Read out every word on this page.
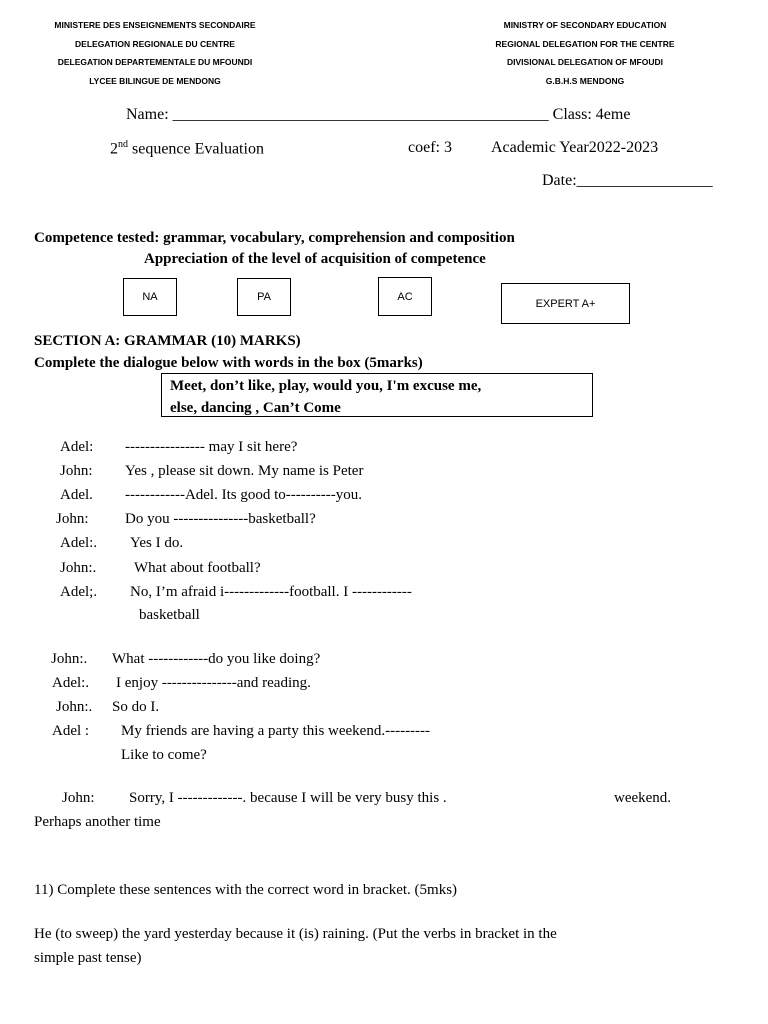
MINISTERE DES ENSEIGNEMENTS SECONDAIRE
DELEGATION REGIONALE DU CENTRE
DELEGATION DEPARTEMENTALE DU MFOUNDI
LYCEE BILINGUE DE MENDONG
MINISTRY OF SECONDARY EDUCATION
REGIONAL DELEGATION FOR THE CENTRE
DIVISIONAL DELEGATION OF MFOUDI
G.B.H.S MENDONG
Name: _______________________________________________ Class: 4eme
2nd sequence Evaluation	coef: 3 Academic Year2022-2023
Date:_________________
Competence tested: grammar, vocabulary, comprehension and composition
Appreciation of the level of acquisition of competence
NA	PA	AC
EXPERT A+
SECTION A: GRAMMAR (10) MARKS)
Complete the dialogue below with words in the box (5marks)
Meet, don’t like, play, would you, I'm excuse me,
else, dancing , Can’t Come
Adel: ---------------- may I sit here?
John: Yes , please sit down. My name is Peter
Adel. ------------Adel. Its good to----------you.
John: Do you ---------------basketball?
Adel:. Yes I do.
John:.	What about football?
Adel;. No, I’m afraid i-------------football. I ------------
basketball
John:. What ------------do you like doing?
Adel:. I enjoy ---------------and reading.
John:. So do I.
Adel : My friends are having a party this weekend.---------
Like to come?
John: Sorry, I -------------. because I will be very busy this .	weekend.
Perhaps another time
11) Complete these sentences with the correct word in bracket. (5mks)
He (to sweep) the yard yesterday because it (is) raining. (Put the verbs in bracket in the
simple past tense)
